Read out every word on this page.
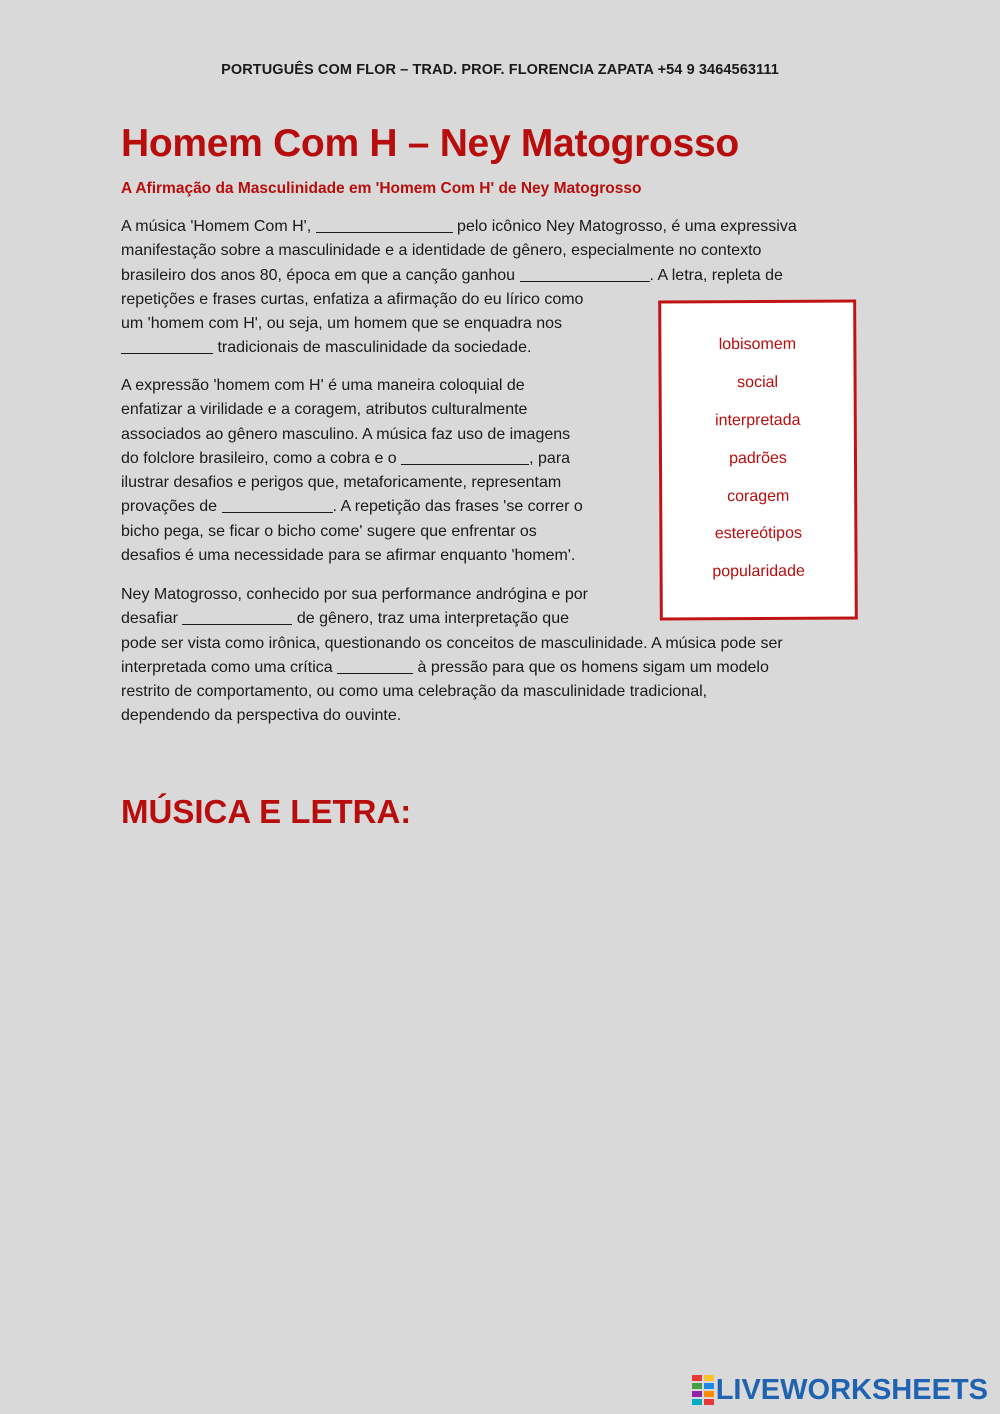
PORTUGUÊS COM FLOR – TRAD. PROF. FLORENCIA ZAPATA +54 9 3464563111
Homem Com H – Ney Matogrosso
A Afirmação da Masculinidade em 'Homem Com H' de Ney Matogrosso
A música 'Homem Com H',	pelo icônico Ney Matogrosso, é uma expressiva
manifestação sobre a masculinidade e a identidade de gênero, especialmente no contexto
brasileiro dos anos 80, época em que a canção ganhou	. A letra, repleta de
repetições e frases curtas, enfatiza a afirmação do eu lírico como
um 'homem com H', ou seja, um homem que se enquadra nos
tradicionais de masculinidade da sociedade.
A expressão 'homem com H' é uma maneira coloquial de
enfatizar a virilidade e a coragem, atributos culturalmente
associados ao gênero masculino. A música faz uso de imagens
do folclore brasileiro, como a cobra e o	, para
ilustrar desafios e perigos que, metaforicamente, representam
provações de	. A repetição das frases 'se correr o
bicho pega, se ficar o bicho come' sugere que enfrentar os
desafios é uma necessidade para se afirmar enquanto 'homem'.
Ney Matogrosso, conhecido por sua performance andrógina e por
desafiar	de gênero, traz uma interpretação que
pode ser vista como irônica, questionando os conceitos de masculinidade. A música pode ser
interpretada como uma crítica	à pressão para que os homens sigam um modelo
restrito de comportamento, ou como uma celebração da masculinidade tradicional,
dependendo da perspectiva do ouvinte.
lobisomem
social
interpretada
padrões
coragem
estereótipos
popularidade
MÚSICA E LETRA:
LIVEWORKSHEETS
